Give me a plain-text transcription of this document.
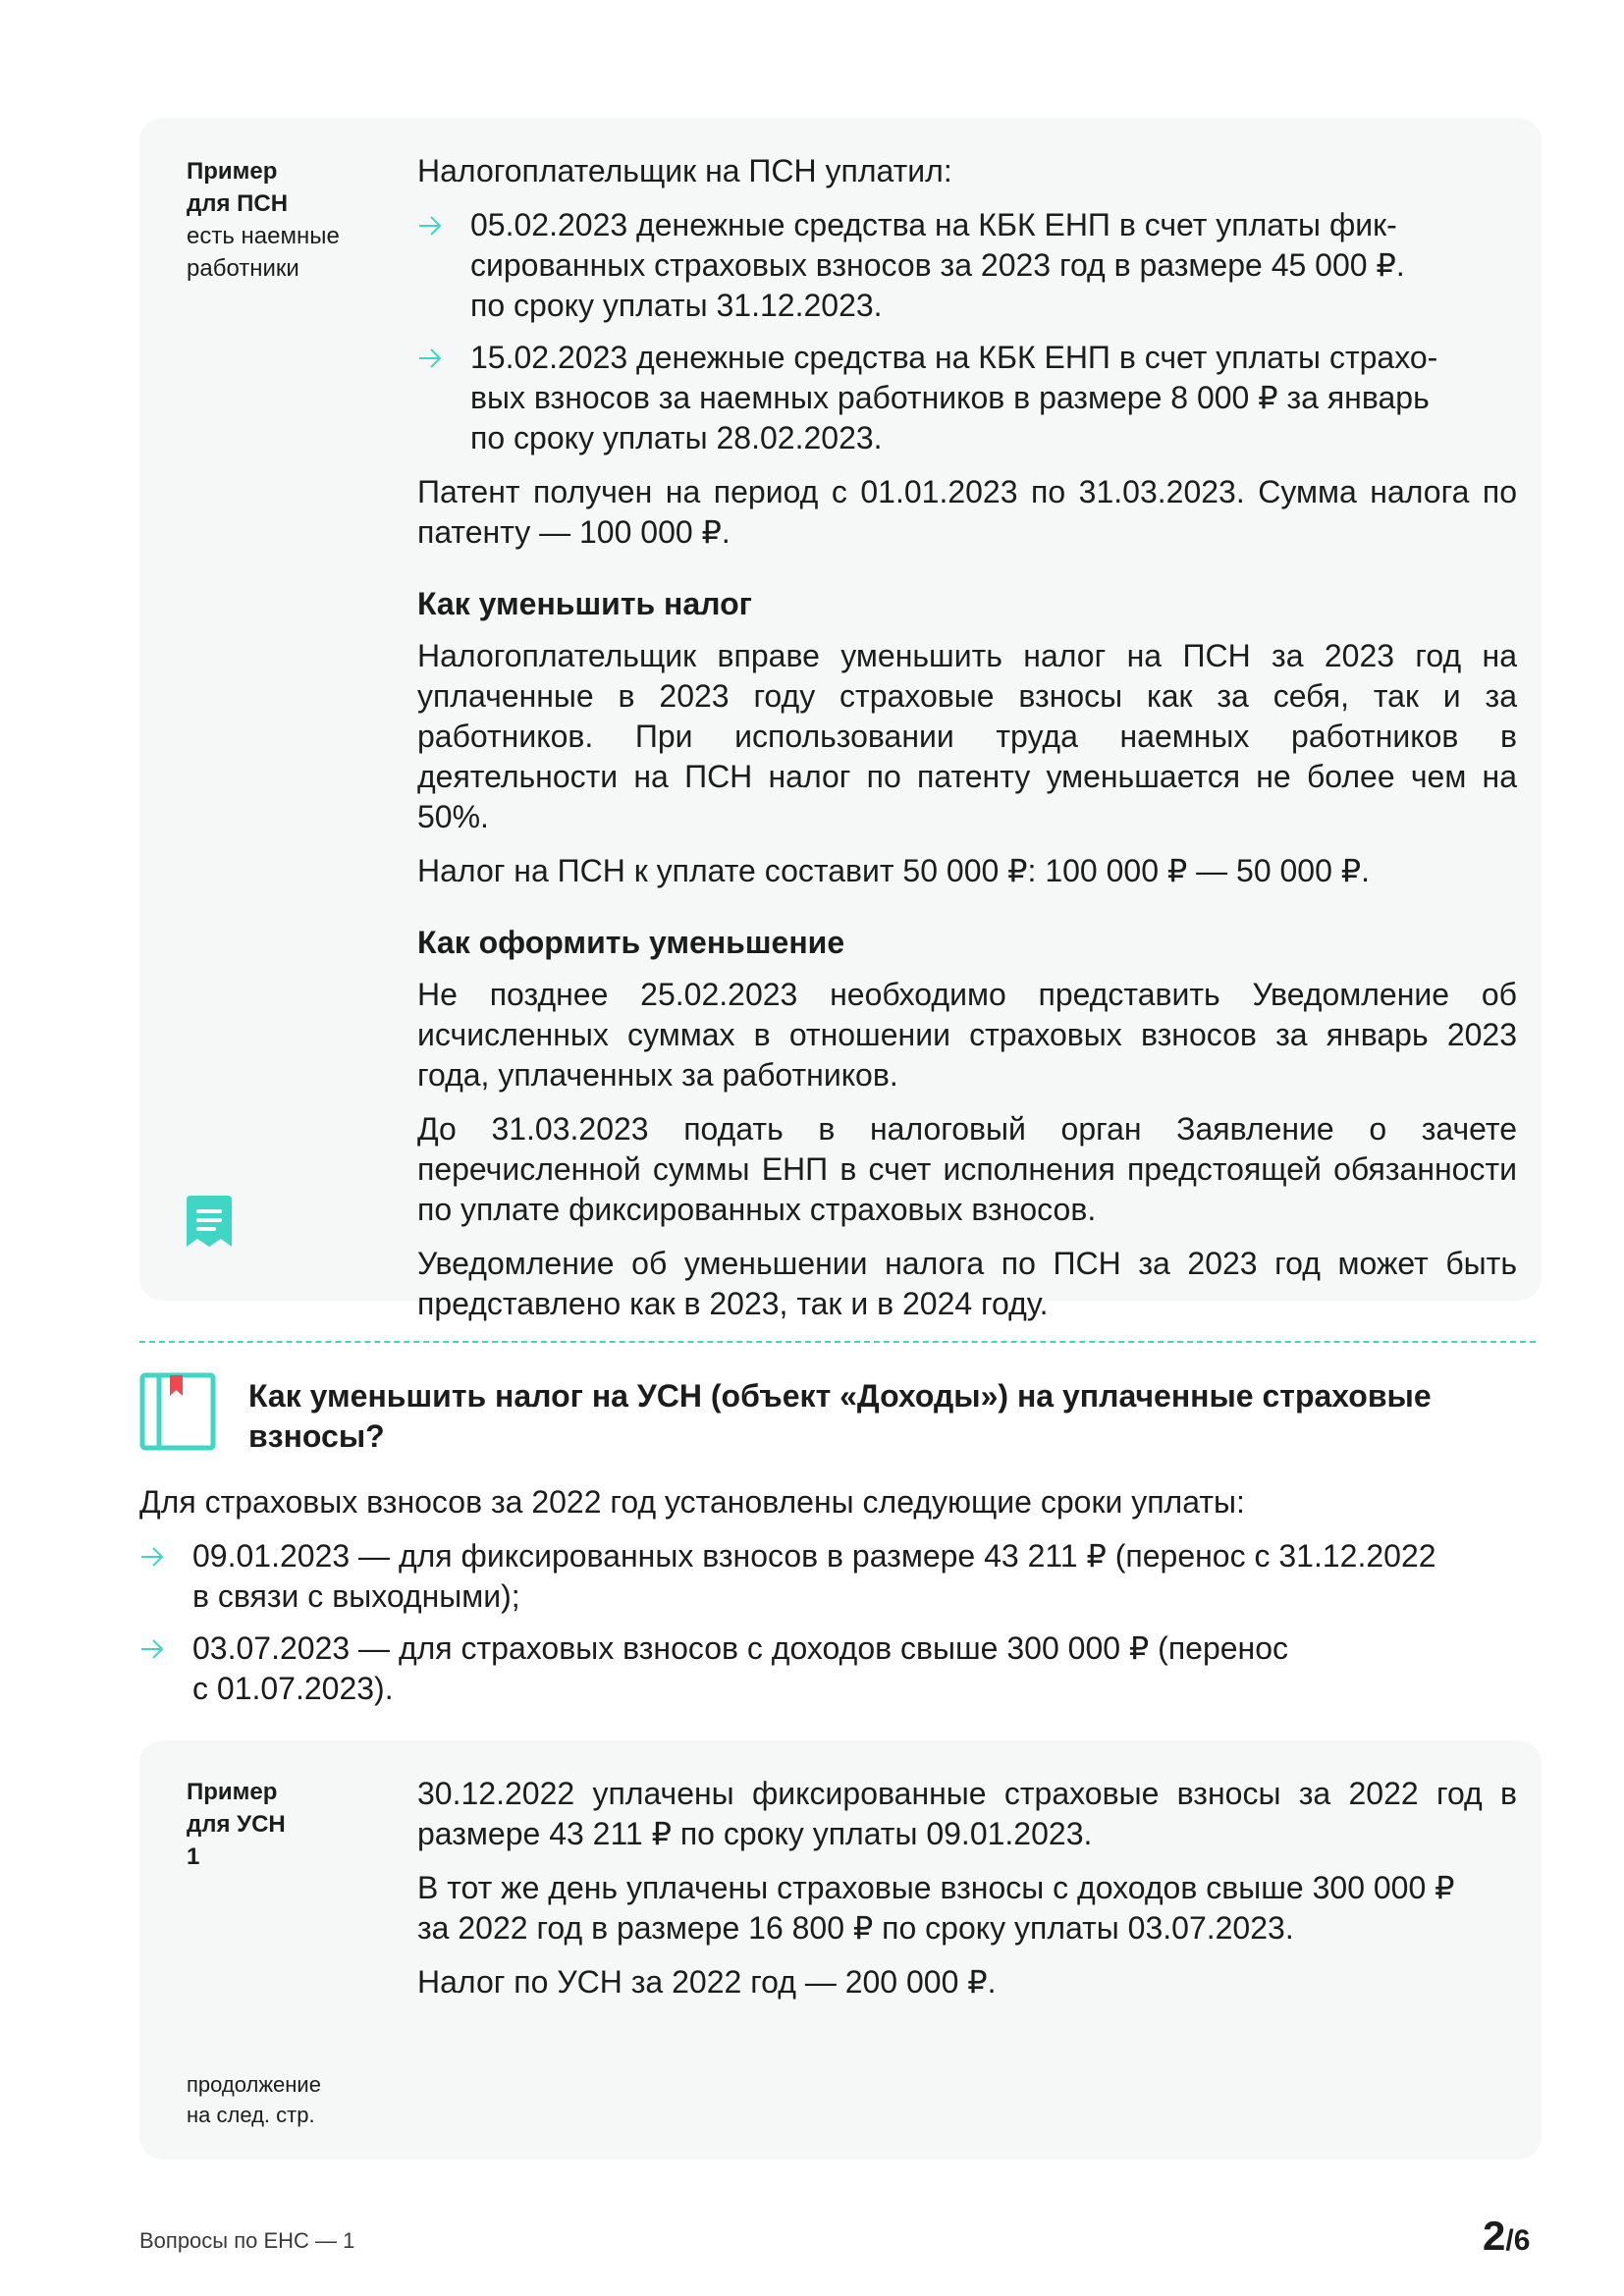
Пример
для ПСН
есть наемные
работники

Налогоплательщик на ПСН уплатил:

05.02.2023 денежные средства на КБК ЕНП в счет уплаты фик-
сированных страховых взносов за 2023 год в размере 45 000 ₽.
по сроку уплаты 31.12.2023.
15.02.2023 денежные средства на КБК ЕНП в счет уплаты страхо-
вых взносов за наемных работников в размере 8 000 ₽ за январь
по сроку уплаты 28.02.2023.

Патент получен на период с 01.01.2023 по 31.03.2023. Сумма налога по патенту — 100 000 ₽.

Как уменьшить налог

Налогоплательщик вправе уменьшить налог на ПСН за 2023 год на уплаченные в 2023 году страховые взносы как за себя, так и за работников. При использовании труда наемных работников в деятельности на ПСН налог по патенту уменьшается не более чем на 50%.

Налог на ПСН к уплате составит 50 000 ₽: 100 000 ₽ — 50 000 ₽.

Как оформить уменьшение

Не позднее 25.02.2023 необходимо представить Уведомление об исчисленных суммах в отношении страховых взносов за январь 2023 года, уплаченных за работников.

До 31.03.2023 подать в налоговый орган Заявление о зачете перечисленной суммы ЕНП в счет исполнения предстоящей обязанности по уплате фиксированных страховых взносов.

Уведомление об уменьшении налога по ПСН за 2023 год может быть представлено как в 2023, так и в 2024 году.

Как уменьшить налог на УСН (объект «Доходы») на уплаченные страховые взносы?

Для страховых взносов за 2022 год установлены следующие сроки уплаты:

09.01.2023 — для фиксированных взносов в размере 43 211 ₽ (перенос с 31.12.2022
в связи с выходными);
03.07.2023 — для страховых взносов с доходов свыше 300 000 ₽ (перенос
с 01.07.2023).
Пример
для УСН
1

30.12.2022 уплачены фиксированные страховые взносы за 2022 год в размере 43 211 ₽ по сроку уплаты 09.01.2023.

В тот же день уплачены страховые взносы с доходов свыше 300 000 ₽
за 2022 год в размере 16 800 ₽ по сроку уплаты 03.07.2023.

Налог по УСН за 2022 год — 200 000 ₽.

продолжение
на след. стр.
Вопросы по ЕНС — 1	2/6
